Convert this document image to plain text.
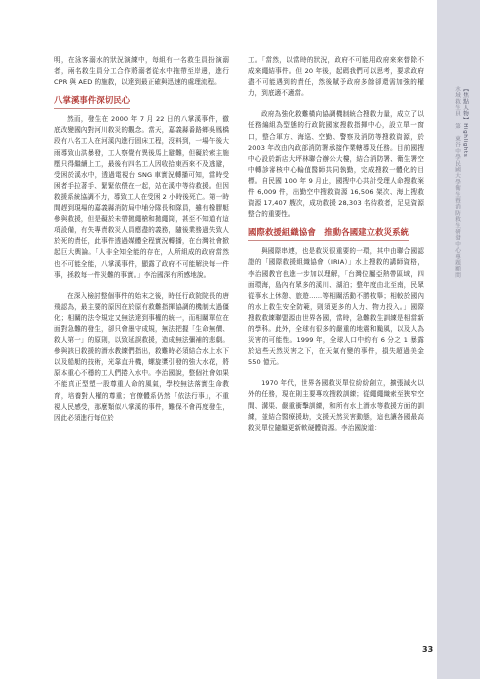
明，在泳客溺水的狀況演練中，每組有一名救生員扮演溺者，兩名救生員分工合作將溺者從水中拖帶至岸邊，進行 CPR 與 AED 的施救，以達到最正確與迅速的處理流程。

八掌溪事件深切民心

然而，發生在 2000 年 7 月 22 日的八掌溪事件，徹底改變國內對河川救災的觀念。當天，嘉義縣番路鄉吳鳳橋段有八名工人在河溪內進行固床工程，沒料到，一場午後大雨導致山洪暴發，工人察覺有異後馬上避難，但礙於索主施壓只得繼續上工，最後有四名工人因收拾東西來不及逃避，受困於溪水中，透過電視台 SNG 車實況轉播可知，當時受困者手拉著手、緊緊依偎在一起，站在溪中等待救援。但因救援系統協調不力，導致工人在受困 2 小時後死亡。第一時間趕到現場的嘉義縣消防局中埔分隊長和隊員，雖有橡膠艇參與救援，但是礙於未帶拋繩槍和拋繩筒，甚至不知道有這項設備，有失專責救災人員應盡的義務，隨後業務過失致人於死的責任，此事件透過媒體全程實況轉播，在台灣社會掀起巨大輿論。「人非全知全能的存在，人所組成的政府當然也不可能全能，八掌溪事件，顯露了政府不可能解決每一件事，拯救每一件災難的事實。」李治國深有所感地說。

在深入檢討整個事件的始末之後，時任行政院院長的唐飛認為，最主要的原因在於原有救難指揮協調的機制太過僵化；相關的法令規定又無法達到事權的統一，而相關單位在面對急難的發生，卻只會墨守成規，無法把握「生命無價、救人第一」的原則，以致延誤救援，造成無法彌補的悲劇。參與該日救援的潛水教練們指出，救難時必須結合水上水下以及船艇的技術，光靠直升機，螺旋槳引發的強大水花，將原本重心不穩的工人們捲入水中。李治國說，整個社會如果不能真正型塑一股尊重人命的風氣，學校無法落實生命教育，培養對人權的尊重；官僚體系仍然「依法行事」，不重視人民感受，那麼類似八掌溪的事件，難保不會再度發生，因此必須進行每位於

工。「當然，以當時的狀況，政府不可能用政府來來替除不成來繩結事件。但 20 年後，起碼我們可以思考，要求政府盡不可能遇到的責任，然後賦予政府多餘卻還需加強的權力，到底適不適當。

政府為強化救難橫向協調機制統合搜救力量，成立了以任務編組為型態的行政院國家搜救指揮中心，設立單一窗口，整合軍方、海巡、空勤、警察及消防等搜救資源，於 2003 年改由內政部消防署承接作業轄導及任務。目前國搜中心設於新店大坪林聯合辦公大樓，結合消防署、衛生署空中轉診審核中心輪值醫師共同執勤，完成搜救一體化的目標。自民國 100 年 9 月止，國搜中心共計受理人命搜救案件 6,009 件，出勤空中搜救資源 16,506 架次、海上搜救資源 17,407 艘次，成功救援 28,303 名待救者，足見資源整合的重要性。

國際救援組織協會　推動各國建立救災系統

與國際串連，也是救災很重要的一環，其中由聯合國認證的「國際救援組織協會（IRIA）」水上搜救的講師資格，李治國教官也進一步加以理解，「台灣位屬亞熱帶區域，四面環海，島內有眾多的溪川、湖泊；整年度由北至南，民眾從事水上休憩、旅遊……等相關活動不勝枚舉；相較於國內的水上救生安全防範，則須更多的人力、物力投入。」國際搜救救練聯盟源由世界各國，當時，急難救生訓練是相當新的學科。此外，全球有很多的嚴重的地震和颱風，以及人為災害的可能性。1999 年，全球人口中約有 6 分之 1 暴露於這些天然災害之下，在天氣有變的事件，損失超過美金 550 億元。

1970 年代，世界各國救災單位紛紛創立，擴張減火以外的任務，現在則主要專攻搜救訓練；從繩繩織索至狹窄空間、溝渠、嚴重衝擊訓練，和所有水上潛水等救援方面的訓練，並結合醫療援助，支援天然災害動態，這也讓各國最高救災單位隨繼更新軟硬體資源。李治國說道：

【焦點人物】Highlights
水域救生員　第　東谷中學民國大學衛生暨消防救生研發中心專題顧問
33
